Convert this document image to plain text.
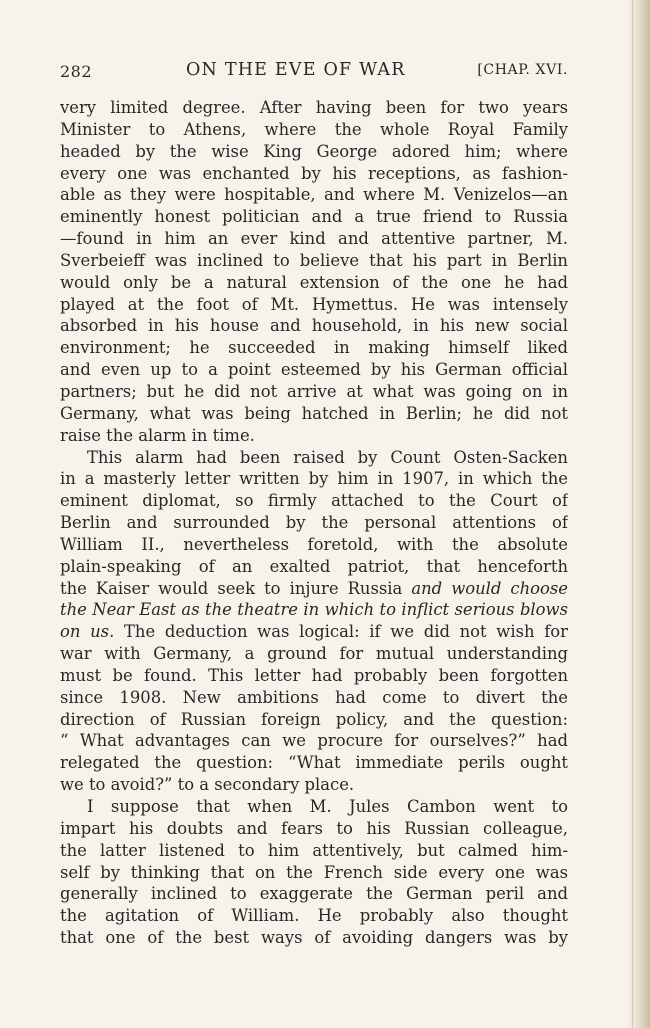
282	ON THE EVE OF WAR	[CHAP. XVI.
very limited degree. After having been for two years
Minister to Athens, where the whole Royal Family
headed by the wise King George adored him; where
every one was enchanted by his receptions, as fashion-
able as they were hospitable, and where M. Venizelos—an
eminently honest politician and a true friend to Russia
—found in him an ever kind and attentive partner, M.
Sverbeieff was inclined to believe that his part in Berlin
would only be a natural extension of the one he had
played at the foot of Mt. Hymettus. He was intensely
absorbed in his house and household, in his new social
environment; he succeeded in making himself liked
and even up to a point esteemed by his German official
partners; but he did not arrive at what was going on in
Germany, what was being hatched in Berlin; he did not
raise the alarm in time.
This alarm had been raised by Count Osten-Sacken
in a masterly letter written by him in 1907, in which the
eminent diplomat, so firmly attached to the Court of
Berlin and surrounded by the personal attentions of
William II., nevertheless foretold, with the absolute
plain-speaking of an exalted patriot, that henceforth
the Kaiser would seek to injure Russia and would choose
the Near East as the theatre in which to inflict serious blows
on us. The deduction was logical: if we did not wish for
war with Germany, a ground for mutual understanding
must be found. This letter had probably been forgotten
since 1908. New ambitions had come to divert the
direction of Russian foreign policy, and the question:
“ What advantages can we procure for ourselves?” had
relegated the question: “What immediate perils ought
we to avoid?” to a secondary place.
I suppose that when M. Jules Cambon went to
impart his doubts and fears to his Russian colleague,
the latter listened to him attentively, but calmed him-
self by thinking that on the French side every one was
generally inclined to exaggerate the German peril and
the agitation of William. He probably also thought
that one of the best ways of avoiding dangers was by
